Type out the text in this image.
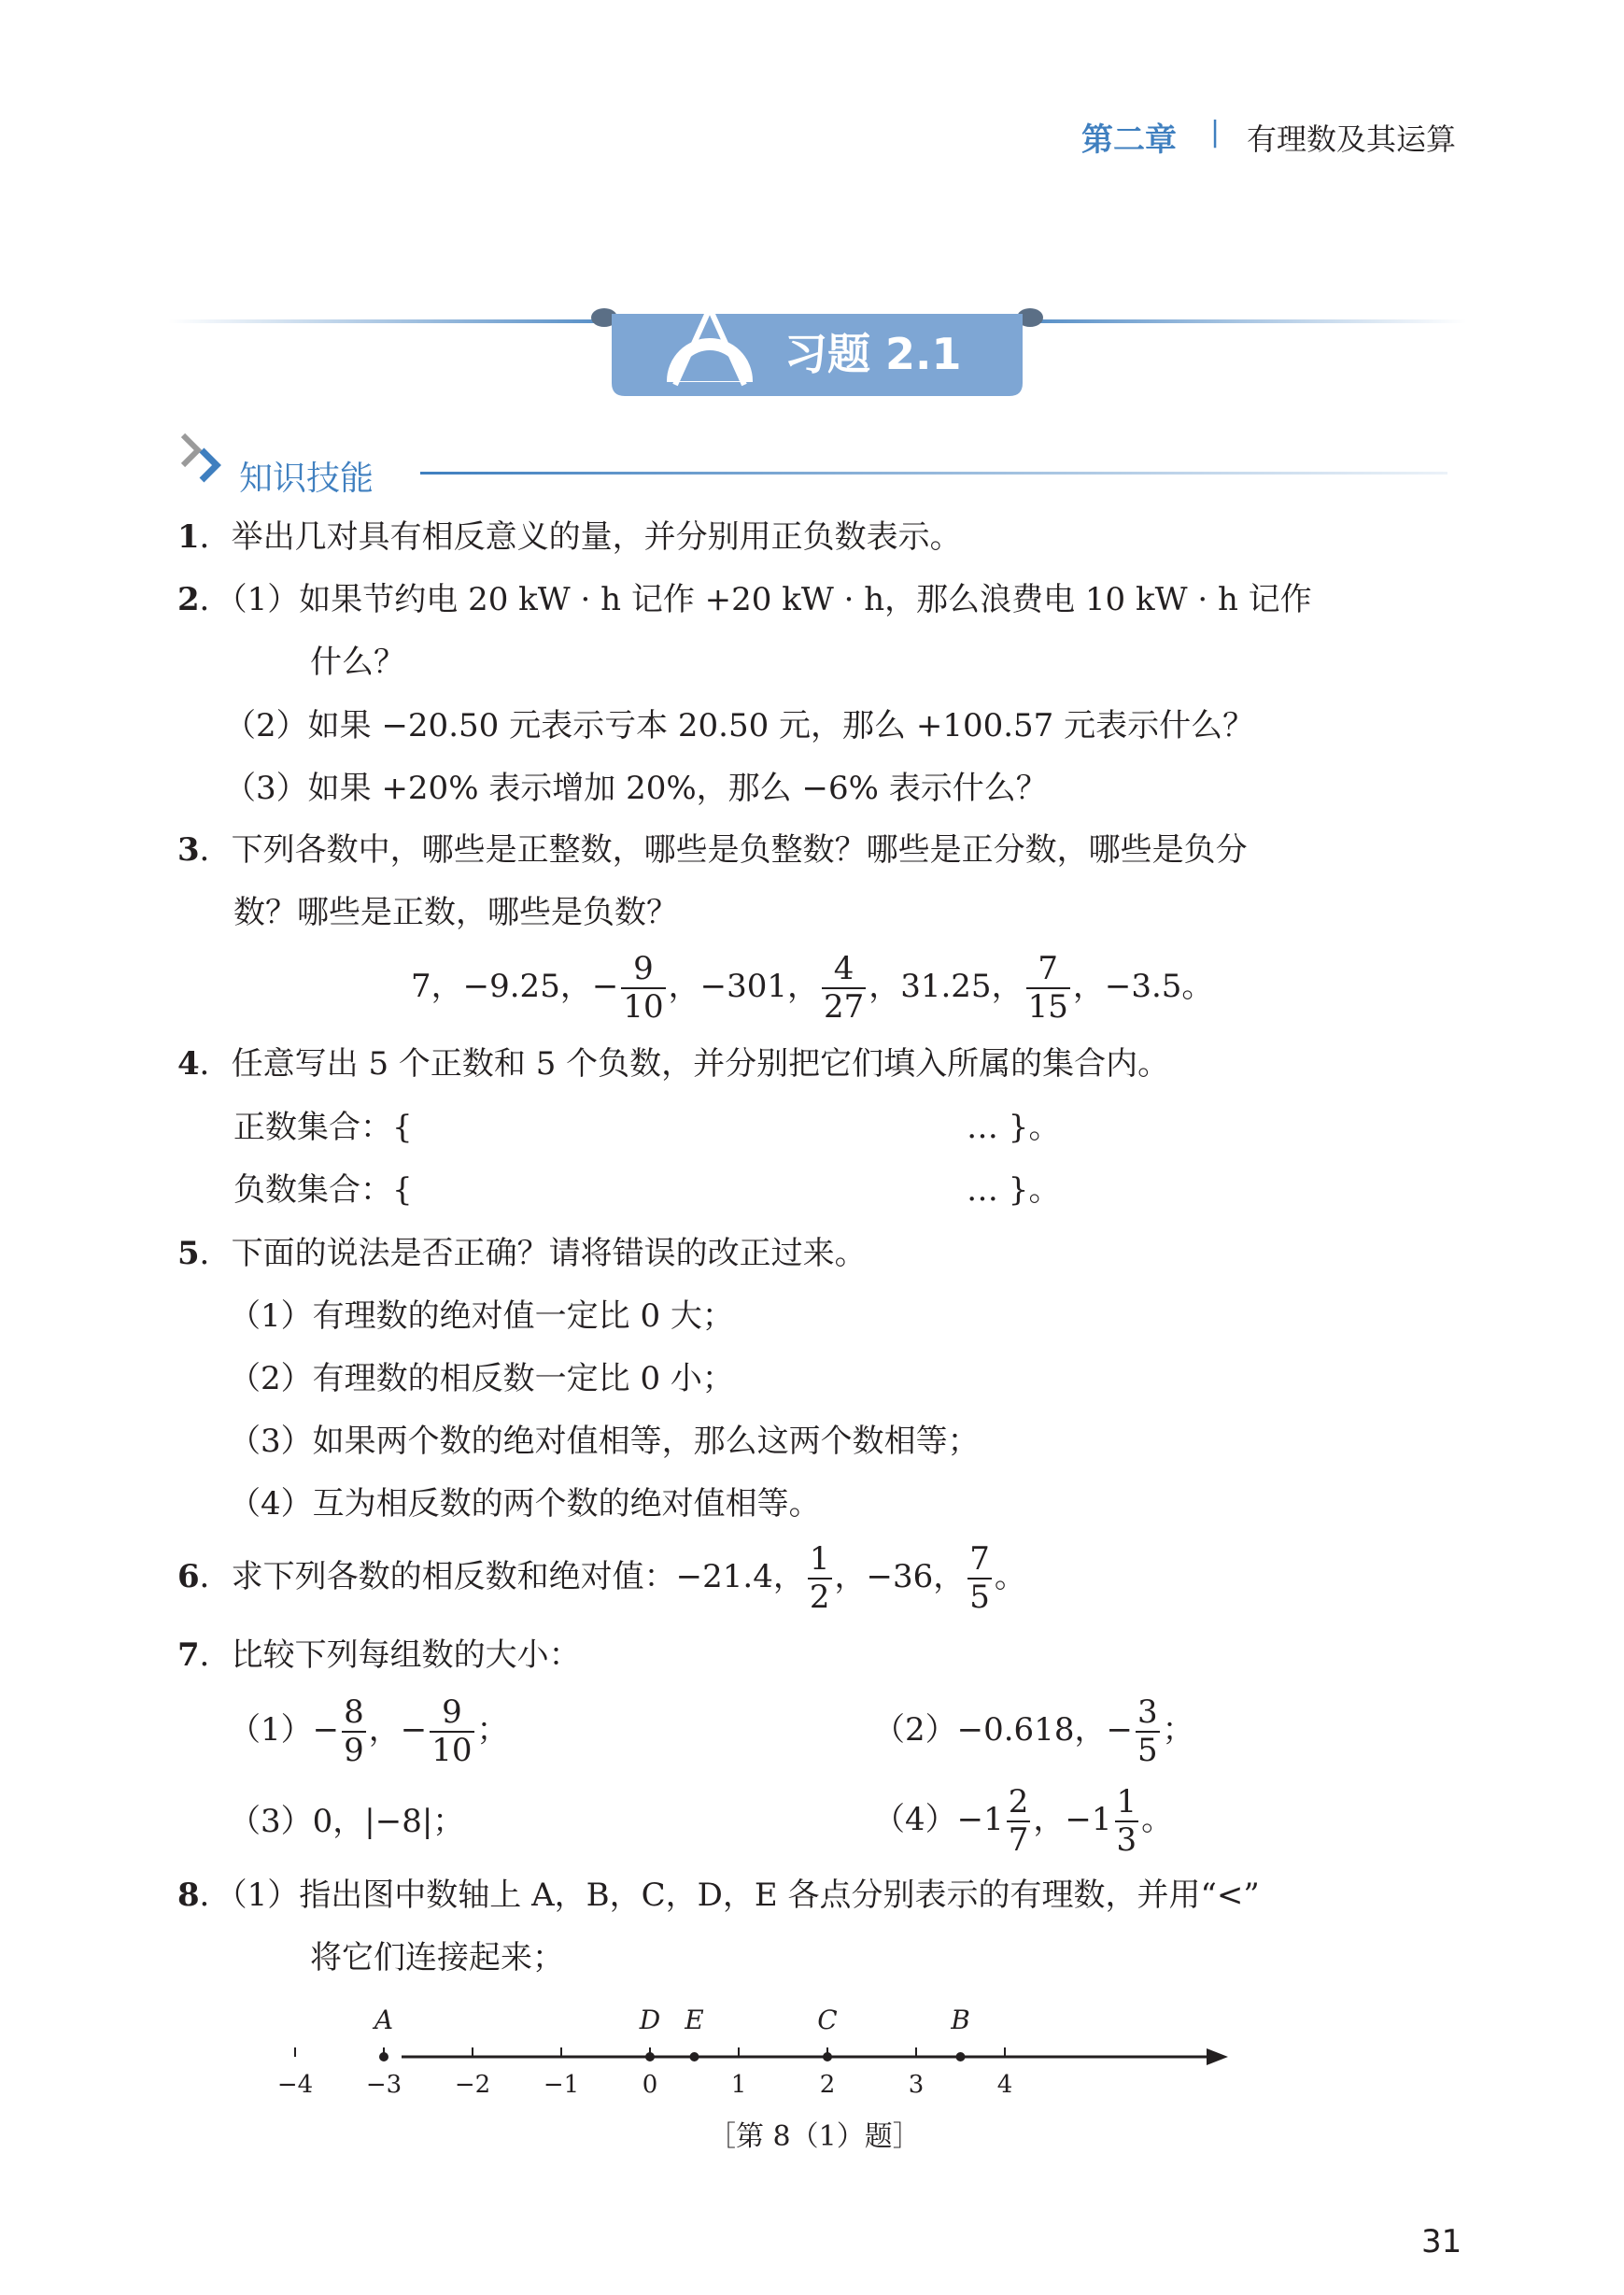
第二章 | 有理数及其运算
习题 2.1
知识技能
1．举出几对具有相反意义的量，并分别用正负数表示。
2．（1）如果节约电 20 kW · h 记作 +20 kW · h，那么浪费电 10 kW · h 记作
什么？
（2）如果 −20.50 元表示亏本 20.50 元，那么 +100.57 元表示什么？
（3）如果 +20% 表示增加 20%，那么 −6% 表示什么？
3．下列各数中，哪些是正整数，哪些是负整数？哪些是正分数，哪些是负分
数？哪些是正数，哪些是负数？
7，−9.25，− $\frac{9}{10}$ ，−301， $\frac{4}{27}$ ，31.25， $\frac{7}{15}$ ，−3.5。
4．任意写出 5 个正数和 5 个负数，并分别把它们填入所属的集合内。
正数集合：{	… }。
负数集合：{	… }。
5．下面的说法是否正确？请将错误的改正过来。
（1）有理数的绝对值一定比 0 大；
（2）有理数的相反数一定比 0 小；
（3）如果两个数的绝对值相等，那么这两个数相等；
（4）互为相反数的两个数的绝对值相等。
6．求下列各数的相反数和绝对值：−21.4， $\frac{1}{2}$ ，−36， $\frac{7}{5}$ 。
7．比较下列每组数的大小：
$(1)- \frac{8}{9}$ ，− $\frac{9}{10}$ ；	（2）−0.618，− $\frac{3}{5}$ ；
（3）0，|−8|；	$(4)-1 \frac{2}{7}$ ，$-1 \frac{1}{3}$ 。
8．（1）指出图中数轴上 A，B，C，D，E 各点分别表示的有理数，并用“<”
将它们连接起来；
−4 −3 −2 −1	0	1	2	3	4
A	D E	C	B
［第 8（1）题］
31
